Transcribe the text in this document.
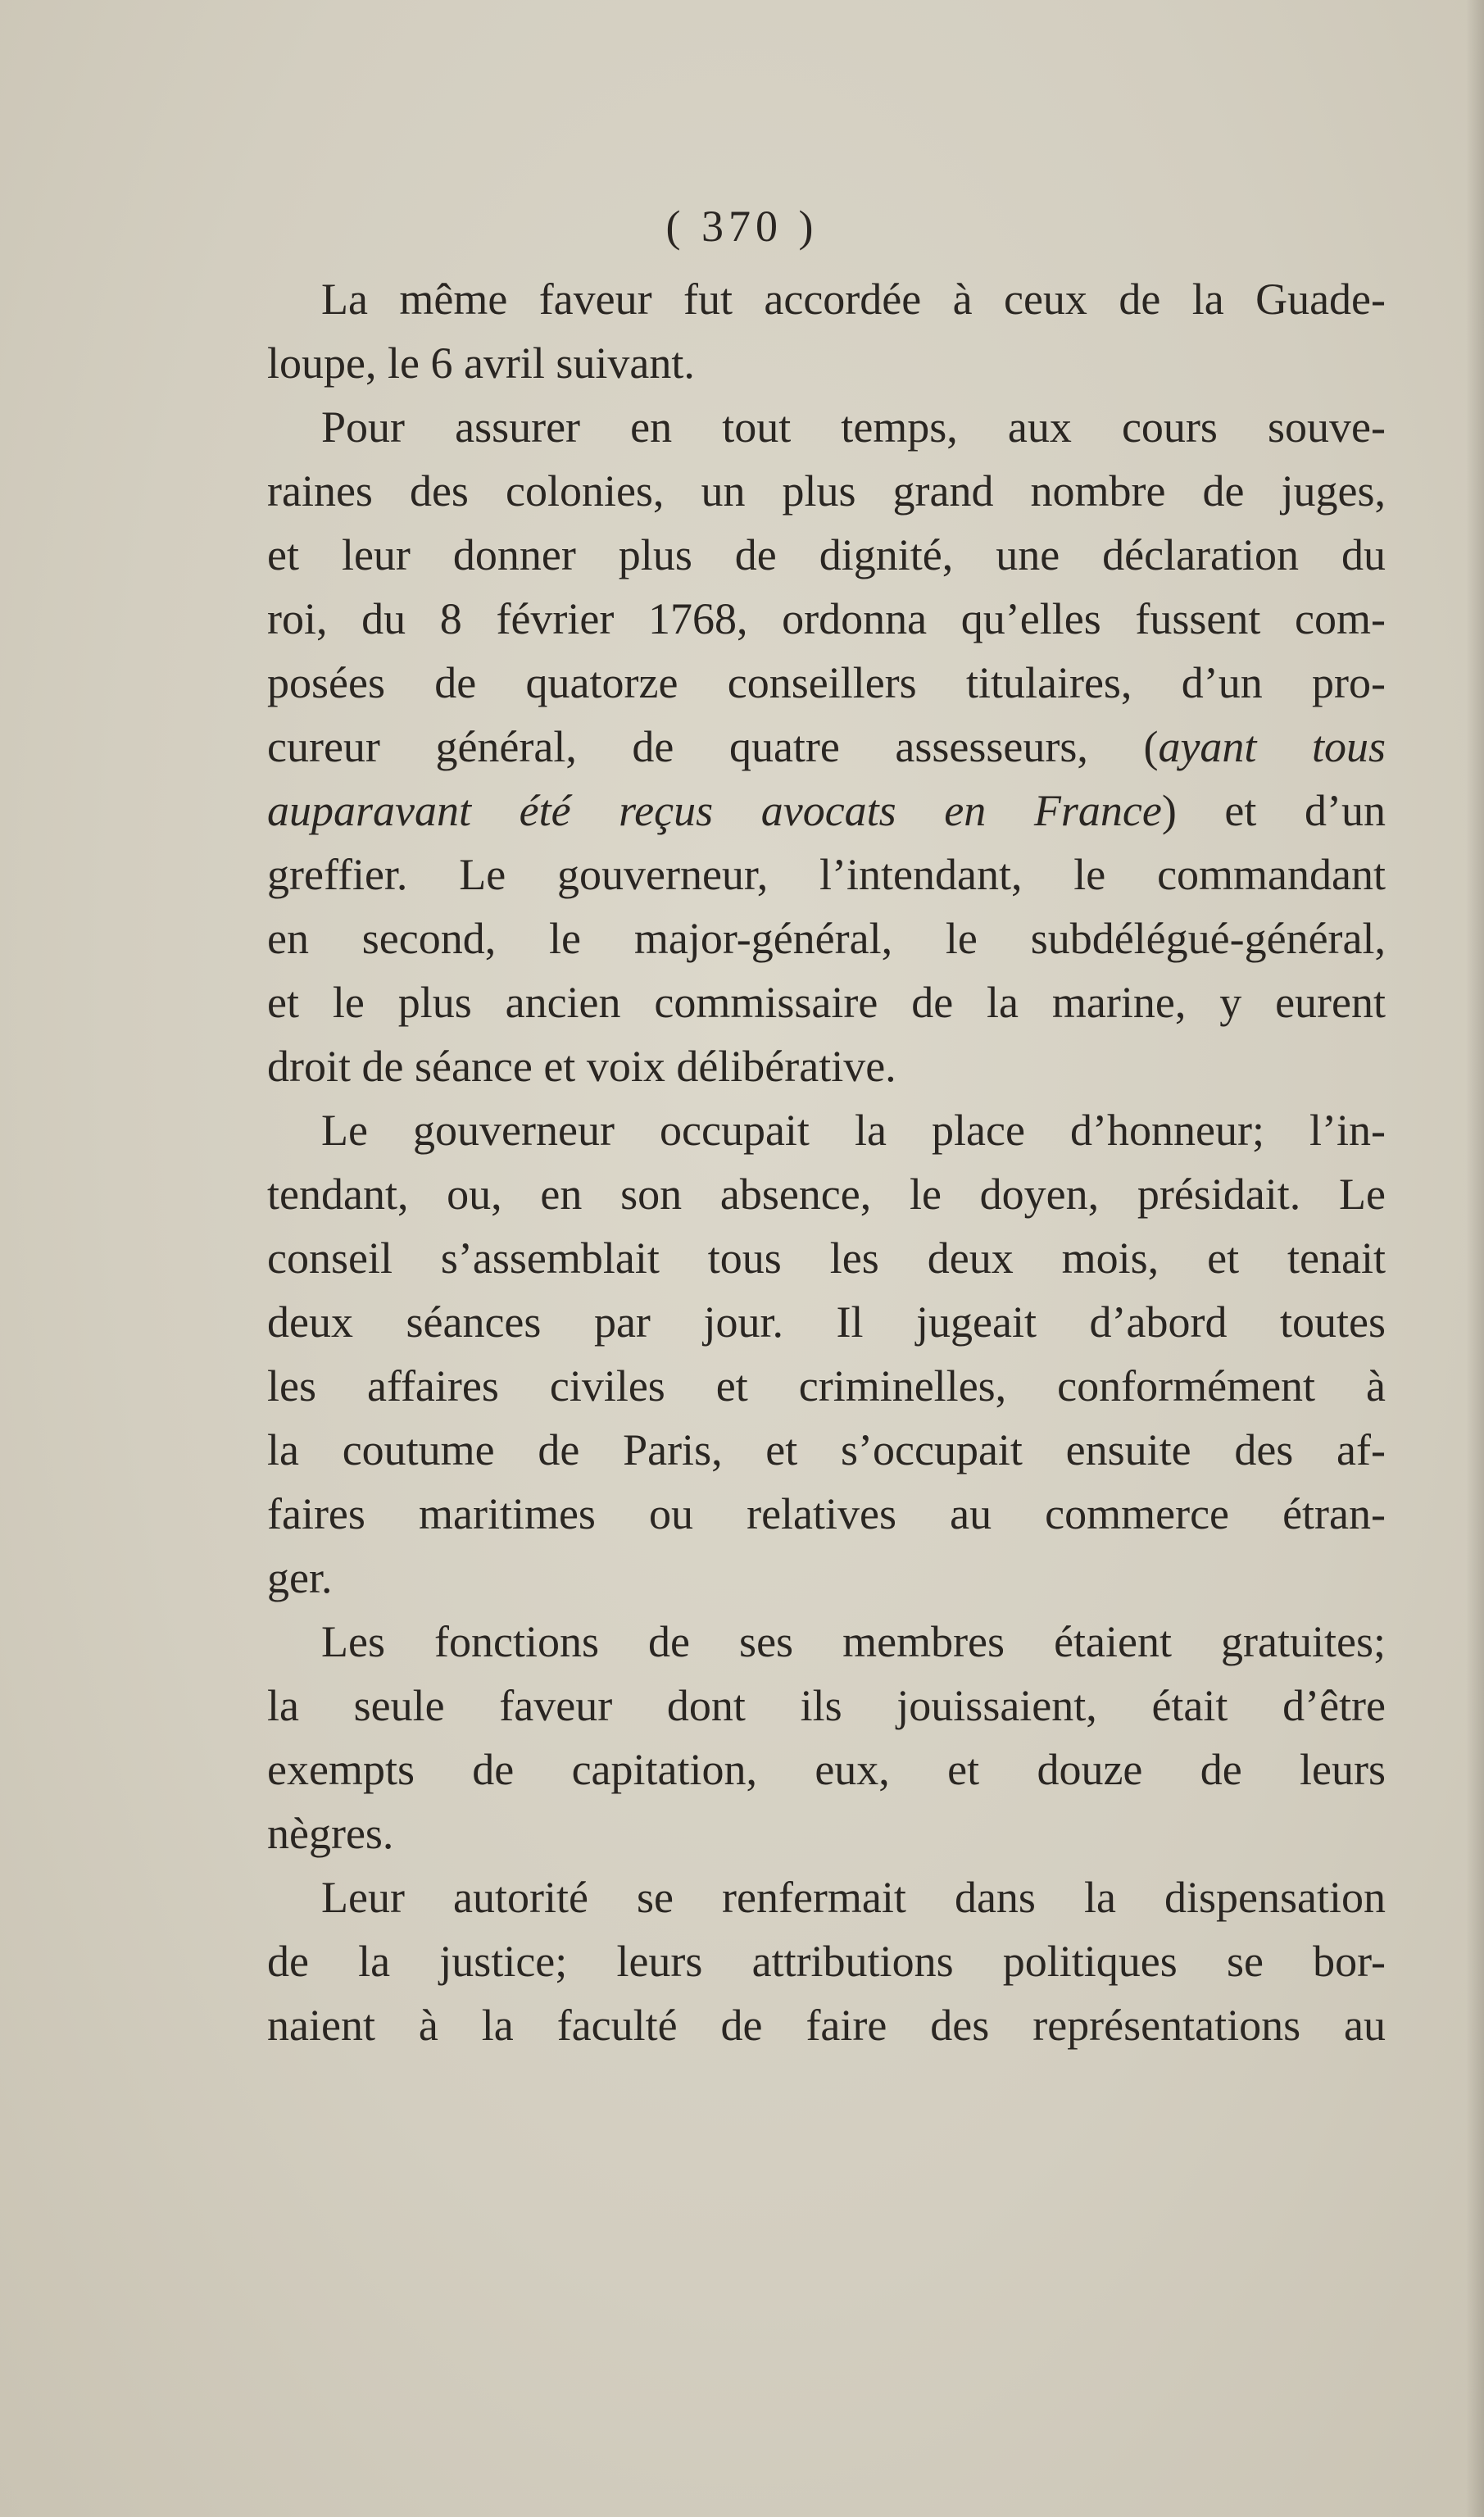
( 370 )
La même faveur fut accordée à ceux de la Guade-
loupe, le 6 avril suivant.
Pour assurer en tout temps, aux cours souve-
raines des colonies, un plus grand nombre de juges,
et leur donner plus de dignité, une déclaration du
roi, du 8 février 1768, ordonna qu’elles fussent com-
posées de quatorze conseillers titulaires, d’un pro-
cureur général, de quatre assesseurs, (ayant tous
auparavant été reçus avocats en France) et d’un
greffier. Le gouverneur, l’intendant, le commandant
en second, le major-général, le subdélégué-général,
et le plus ancien commissaire de la marine, y eurent
droit de séance et voix délibérative.
Le gouverneur occupait la place d’honneur; l’in-
tendant, ou, en son absence, le doyen, présidait. Le
conseil s’assemblait tous les deux mois, et tenait
deux séances par jour. Il jugeait d’abord toutes
les affaires civiles et criminelles, conformément à
la coutume de Paris, et s’occupait ensuite des af-
faires maritimes ou relatives au commerce étran-
ger.
Les fonctions de ses membres étaient gratuites;
la seule faveur dont ils jouissaient, était d’être
exempts de capitation, eux, et douze de leurs
nègres.
Leur autorité se renfermait dans la dispensation
de la justice; leurs attributions politiques se bor-
naient à la faculté de faire des représentations au
